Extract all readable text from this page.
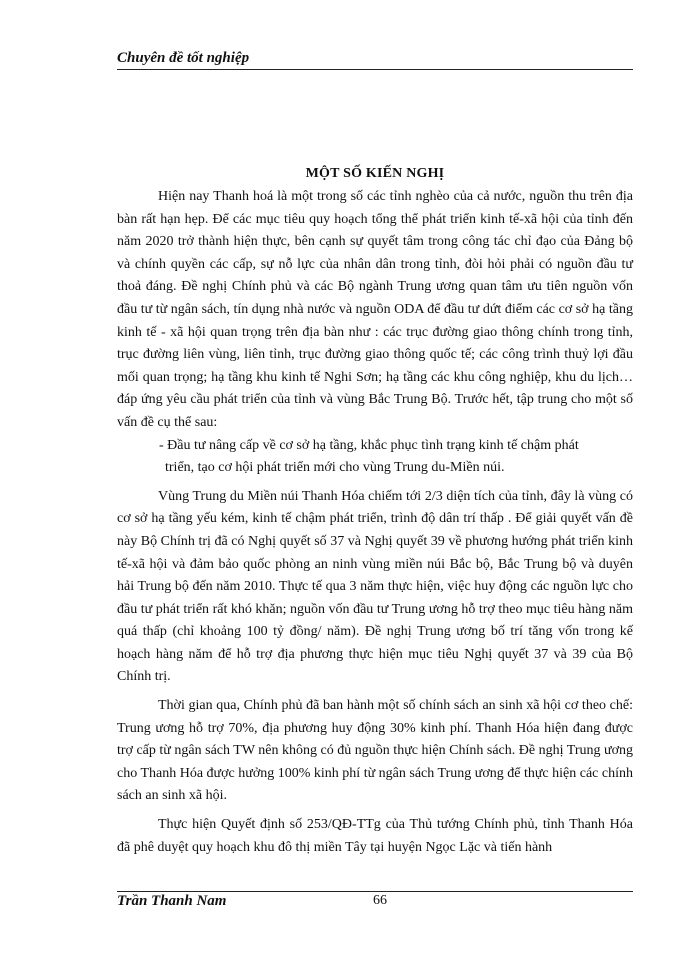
Chuyên đề tốt nghiệp

MỘT SỐ KIẾN NGHỊ

Hiện nay Thanh hoá là một trong số các tỉnh nghèo của cả nước, nguồn thu trên địa bàn rất hạn hẹp. Để các mục tiêu quy hoạch tổng thể phát triển kinh tế-xã hội của tỉnh đến năm 2020 trở thành hiện thực, bên cạnh sự quyết tâm trong công tác chỉ đạo của Đảng bộ và chính quyền các cấp, sự nỗ lực của nhân dân trong tỉnh, đòi hỏi phải có nguồn đầu tư thoả đáng. Đề nghị Chính phủ và các Bộ ngành Trung ương quan tâm ưu tiên nguồn vốn đầu tư từ ngân sách, tín dụng nhà nước và nguồn ODA để đầu tư dứt điểm các cơ sở hạ tầng kinh tế - xã hội quan trọng trên địa bàn như : các trục đường giao thông chính trong tỉnh, trục đường liên vùng, liên tỉnh, trục đường giao thông quốc tế; các công trình thuỷ lợi đầu mối quan trọng; hạ tầng khu kinh tế Nghi Sơn; hạ tầng các khu công nghiệp, khu du lịch… đáp ứng yêu cầu phát triển của tỉnh và vùng Bắc Trung Bộ. Trước hết, tập trung cho một số vấn đề cụ thể sau:

- Đầu tư nâng cấp về cơ sở hạ tầng, khắc phục tình trạng kinh tế chậm phát
triển, tạo cơ hội phát triển mới cho vùng Trung du-Miền núi.

Vùng Trung du Miền núi Thanh Hóa chiếm tới 2/3 diện tích của tỉnh, đây là vùng có cơ sở hạ tầng yếu kém, kinh tế chậm phát triển, trình độ dân trí thấp . Để giải quyết vấn đề này Bộ Chính trị đã có Nghị quyết số 37 và Nghị quyết 39 về phương hướng phát triển kinh tế-xã hội và đảm bảo quốc phòng an ninh vùng miền núi Bắc bộ, Bắc Trung bộ và duyên hải Trung bộ đến năm 2010. Thực tế qua 3 năm thực hiện, việc huy động các nguồn lực cho đầu tư phát triển rất khó khăn; nguồn vốn đầu tư Trung ương hỗ trợ theo mục tiêu hàng năm quá thấp (chỉ khoảng 100 tỷ đồng/ năm). Đề nghị Trung ương bố trí tăng vốn trong kế hoạch hàng năm để hỗ trợ địa phương thực hiện mục tiêu Nghị quyết 37 và 39 của Bộ Chính trị.

Thời gian qua, Chính phủ đã ban hành một số chính sách an sinh xã hội cơ theo chế: Trung ương hỗ trợ 70%, địa phương huy động 30% kinh phí. Thanh Hóa hiện đang được trợ cấp từ ngân sách TW nên không có đủ nguồn thực hiện Chính sách. Đề nghị Trung ương cho Thanh Hóa được hưởng 100% kinh phí từ ngân sách Trung ương để thực hiện các chính sách an sinh xã hội.

Thực hiện Quyết định số 253/QĐ-TTg của Thủ tướng Chính phủ, tỉnh Thanh Hóa đã phê duyệt quy hoạch khu đô thị miền Tây tại huyện Ngọc Lặc và tiến hành

Trần Thanh Nam	66
